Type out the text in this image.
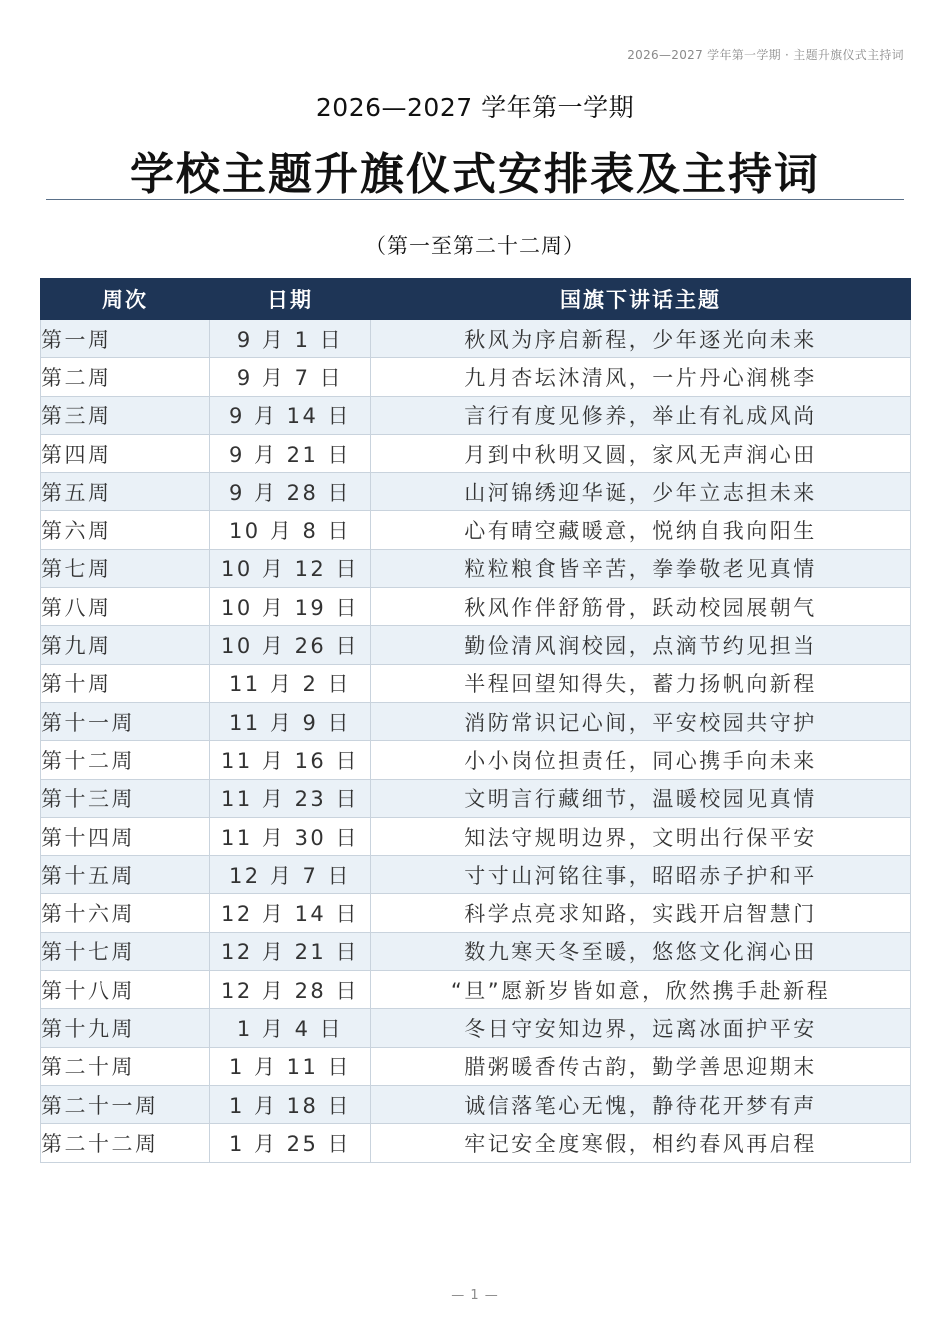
2026—2027 学年第一学期 · 主题升旗仪式主持词
2026—2027 学年第一学期
学校主题升旗仪式安排表及主持词
（第一至第二十二周）
周次	日期	国旗下讲话主题
第一周	9 月 1 日	秋风为序启新程，少年逐光向未来
第二周	9 月 7 日	九月杏坛沐清风，一片丹心润桃李
第三周	9 月 14 日	言行有度见修养，举止有礼成风尚
第四周	9 月 21 日	月到中秋明又圆，家风无声润心田
第五周	9 月 28 日	山河锦绣迎华诞，少年立志担未来
第六周	10 月 8 日	心有晴空藏暖意，悦纳自我向阳生
第七周	10 月 12 日	粒粒粮食皆辛苦，拳拳敬老见真情
第八周	10 月 19 日	秋风作伴舒筋骨，跃动校园展朝气
第九周	10 月 26 日	勤俭清风润校园，点滴节约见担当
第十周	11 月 2 日	半程回望知得失，蓄力扬帆向新程
第十一周	11 月 9 日	消防常识记心间，平安校园共守护
第十二周	11 月 16 日	小小岗位担责任，同心携手向未来
第十三周	11 月 23 日	文明言行藏细节，温暖校园见真情
第十四周	11 月 30 日	知法守规明边界，文明出行保平安
第十五周	12 月 7 日	寸寸山河铭往事，昭昭赤子护和平
第十六周	12 月 14 日	科学点亮求知路，实践开启智慧门
第十七周	12 月 21 日	数九寒天冬至暖，悠悠文化润心田
第十八周	12 月 28 日	“旦”愿新岁皆如意，欣然携手赴新程
第十九周	1 月 4 日	冬日守安知边界，远离冰面护平安
第二十周	1 月 11 日	腊粥暖香传古韵，勤学善思迎期末
第二十一周	1 月 18 日	诚信落笔心无愧，静待花开梦有声
第二十二周	1 月 25 日	牢记安全度寒假，相约春风再启程
— 1 —
